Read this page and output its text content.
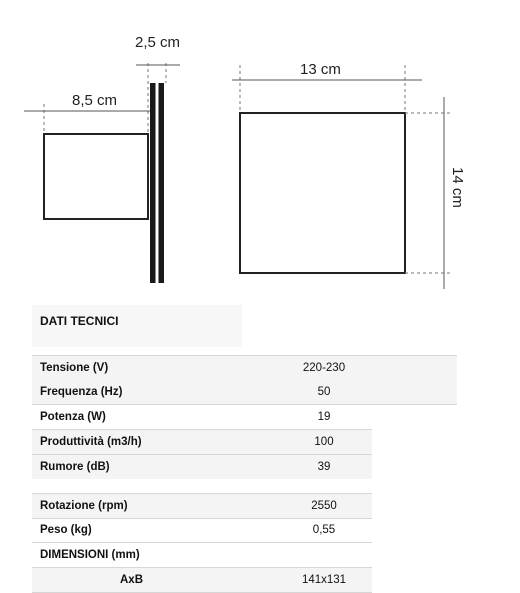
2,5 cm
8,5 cm
13 cm
14 cm
DATI TECNICI
Tensione (V)	220-230
Frequenza (Hz)	50
Potenza (W)	19
Produttività (m3/h)	100
Rumore (dB)	39
Rotazione (rpm)	2550
Peso (kg)	0,55
DIMENSIONI (mm)
AxB	141x131
